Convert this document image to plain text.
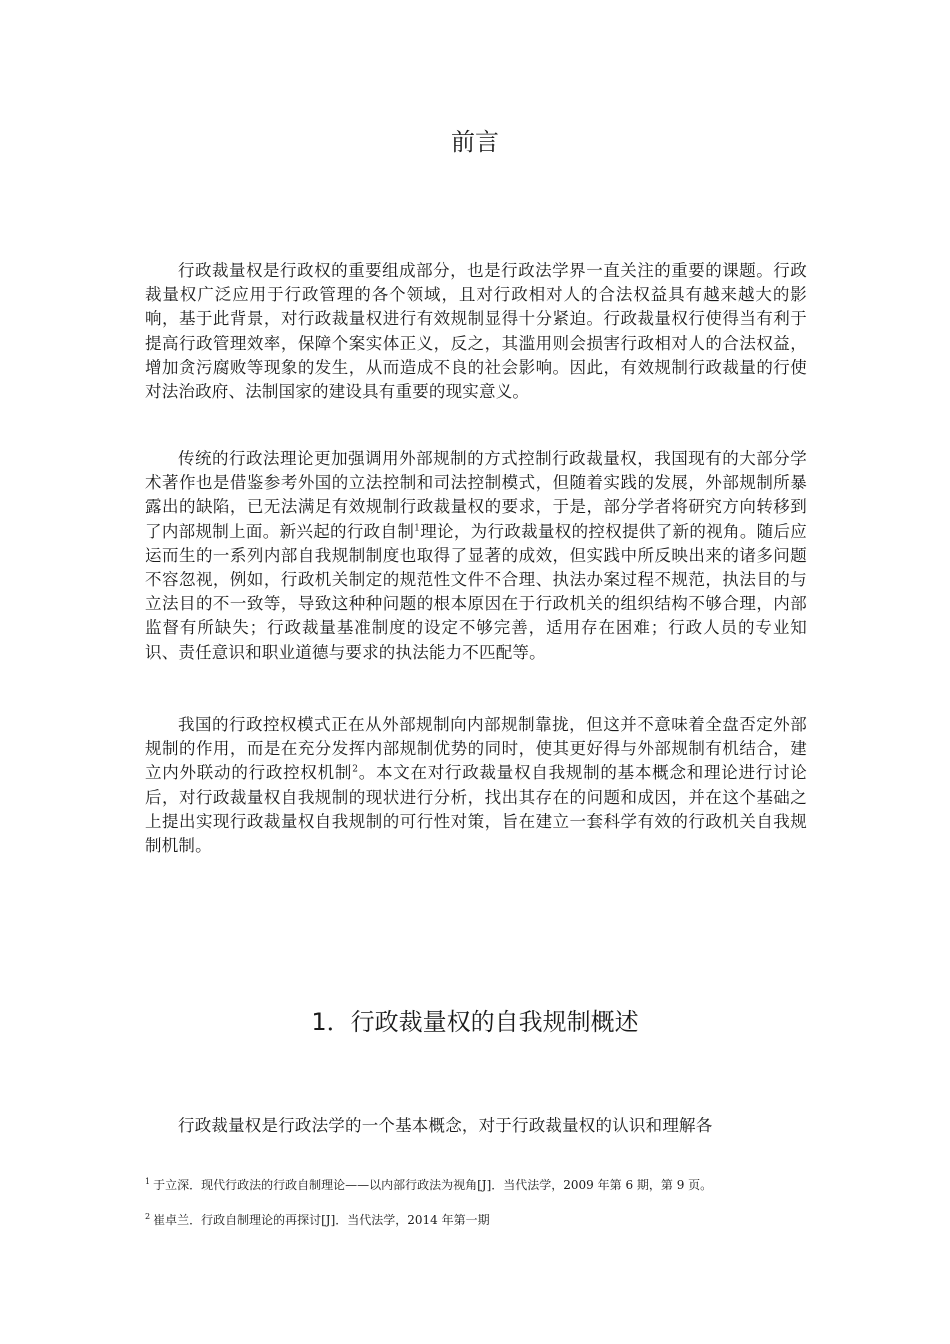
前言

行政裁量权是行政权的重要组成部分，也是行政法学界一直关注的重要的课题。行政裁量权广泛应用于行政管理的各个领域，且对行政相对人的合法权益具有越来越大的影响，基于此背景，对行政裁量权进行有效规制显得十分紧迫。行政裁量权行使得当有利于提高行政管理效率，保障个案实体正义，反之，其滥用则会损害行政相对人的合法权益，增加贪污腐败等现象的发生，从而造成不良的社会影响。因此，有效规制行政裁量的行使对法治政府、法制国家的建设具有重要的现实意义。

传统的行政法理论更加强调用外部规制的方式控制行政裁量权，我国现有的大部分学术著作也是借鉴参考外国的立法控制和司法控制模式，但随着实践的发展，外部规制所暴露出的缺陷，已无法满足有效规制行政裁量权的要求，于是，部分学者将研究方向转移到了内部规制上面。新兴起的行政自制$^1$理论，为行政裁量权的控权提供了新的视角。随后应运而生的一系列内部自我规制制度也取得了显著的成效，但实践中所反映出来的诸多问题不容忽视，例如，行政机关制定的规范性文件不合理、执法办案过程不规范，执法目的与立法目的不一致等，导致这种种问题的根本原因在于行政机关的组织结构不够合理，内部监督有所缺失；行政裁量基准制度的设定不够完善，适用存在困难；行政人员的专业知识、责任意识和职业道德与要求的执法能力不匹配等。

我国的行政控权模式正在从外部规制向内部规制靠拢，但这并不意味着全盘否定外部规制的作用，而是在充分发挥内部规制优势的同时，使其更好得与外部规制有机结合，建立内外联动的行政控权机制$^2$。本文在对行政裁量权自我规制的基本概念和理论进行讨论后，对行政裁量权自我规制的现状进行分析，找出其存在的问题和成因，并在这个基础之上提出实现行政裁量权自我规制的可行性对策，旨在建立一套科学有效的行政机关自我规制机制。

1．行政裁量权的自我规制概述

行政裁量权是行政法学的一个基本概念，对于行政裁量权的认识和理解各

$^1$ 于立深．现代行政法的行政自制理论——以内部行政法为视角[J]．当代法学，2009 年第 6 期，第 9 页。

$^2$ 崔卓兰．行政自制理论的再探讨[J]．当代法学，2014 年第一期
